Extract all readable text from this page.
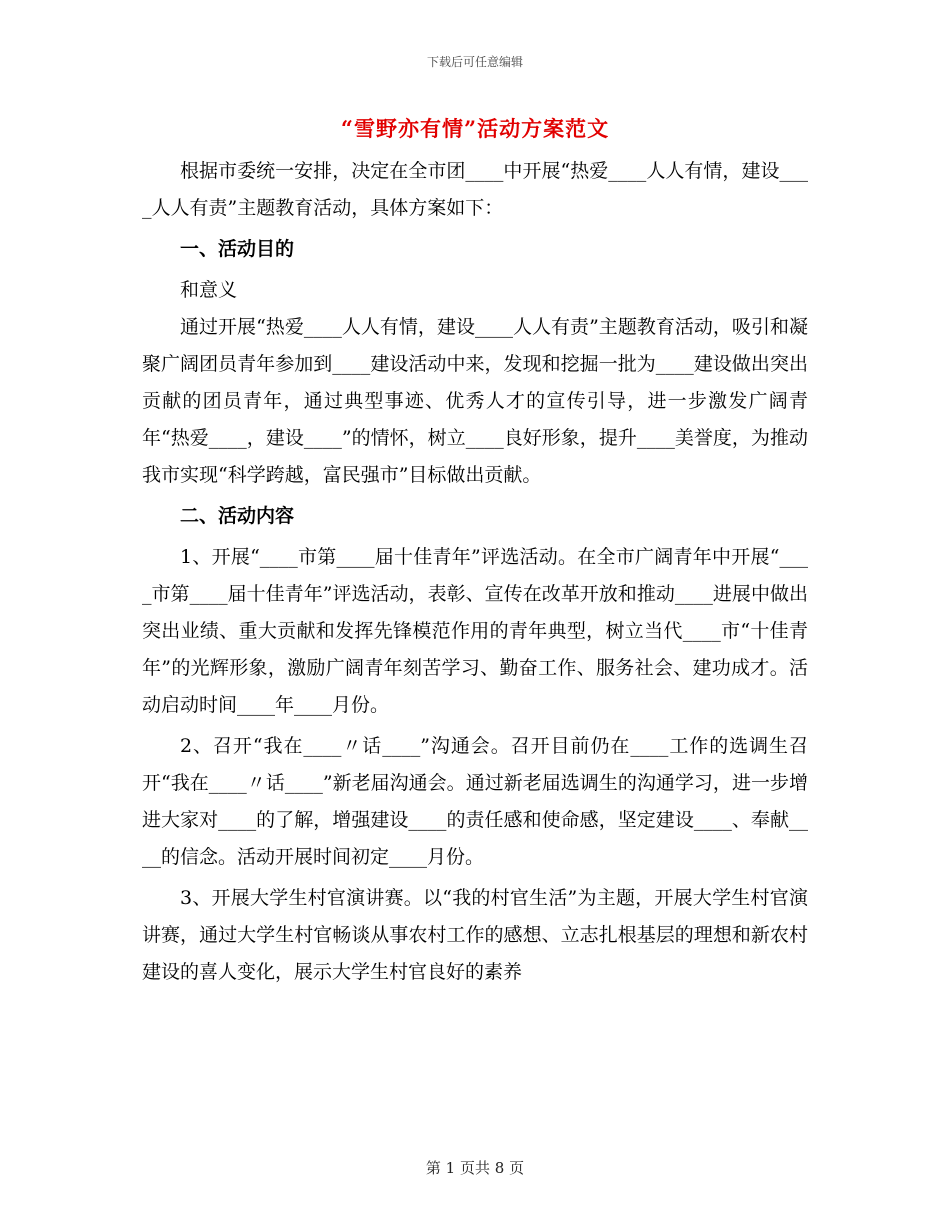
下载后可任意编辑
“雪野亦有情”活动方案范文

根据市委统一安排，决定在全市团____中开展“热爱____人人有情，建设____人人有责”主题教育活动，具体方案如下：

一、活动目的

和意义

通过开展“热爱____人人有情，建设____人人有责”主题教育活动，吸引和凝聚广阔团员青年参加到____建设活动中来，发现和挖掘一批为____建设做出突出贡献的团员青年，通过典型事迹、优秀人才的宣传引导，进一步激发广阔青年“热爱____，建设____”的情怀，树立____良好形象，提升____美誉度，为推动我市实现“科学跨越，富民强市”目标做出贡献。

二、活动内容

1、开展“____市第____届十佳青年”评选活动。在全市广阔青年中开展“____市第____届十佳青年”评选活动，表彰、宣传在改革开放和推动____进展中做出突出业绩、重大贡献和发挥先锋模范作用的青年典型，树立当代____市“十佳青年”的光辉形象，激励广阔青年刻苦学习、勤奋工作、服务社会、建功成才。活动启动时间____年____月份。

2、召开“我在____〃话____”沟通会。召开目前仍在____工作的选调生召开“我在____〃话____”新老届沟通会。通过新老届选调生的沟通学习，进一步增进大家对____的了解，增强建设____的责任感和使命感，坚定建设____、奉献____的信念。活动开展时间初定____月份。

3、开展大学生村官演讲赛。以“我的村官生活”为主题，开展大学生村官演讲赛，通过大学生村官畅谈从事农村工作的感想、立志扎根基层的理想和新农村建设的喜人变化，展示大学生村官良好的素养

第 1 页共 8 页
